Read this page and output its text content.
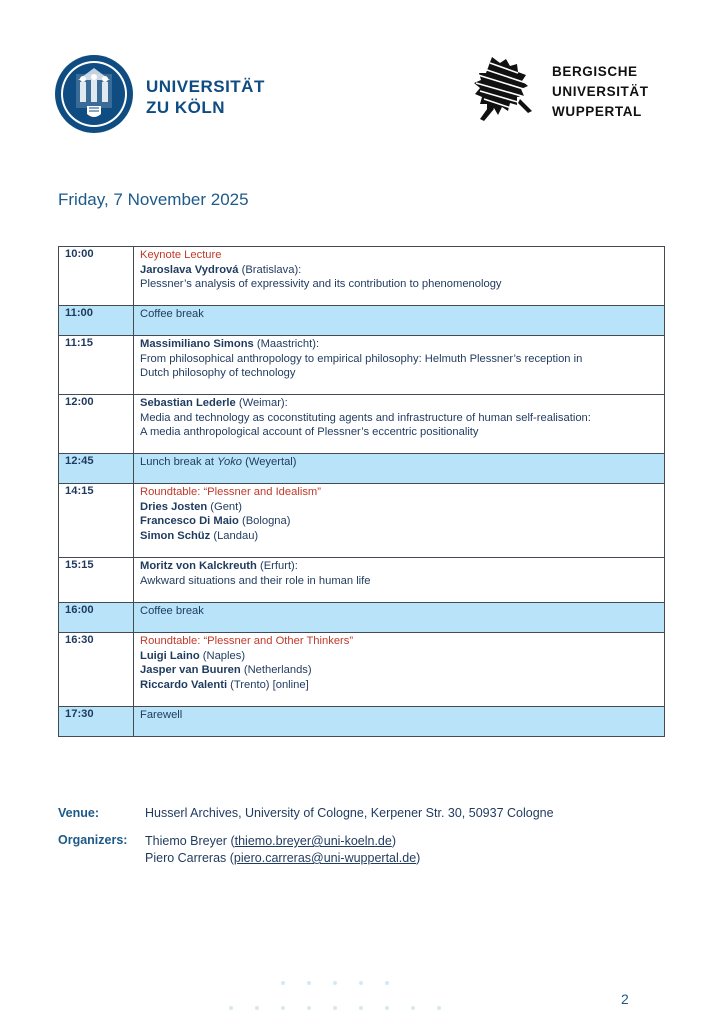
UNIVERSITÄT
ZU KÖLN
BERGISCHE
UNIVERSITÄT
WUPPERTAL
Friday, 7 November 2025
10:00	Keynote Lecture
Jaroslava Vydrová (Bratislava):
Plessner’s analysis of expressivity and its contribution to phenomenology

11:00	Coffee break
11:15	Massimiliano Simons (Maastricht):
From philosophical anthropology to empirical philosophy: Helmuth Plessner’s reception in
Dutch philosophy of technology

12:00	Sebastian Lederle (Weimar):
Media and technology as coconstituting agents and infrastructure of human self-realisation:
A media anthropological account of Plessner’s eccentric positionality

12:45	Lunch break at Yoko (Weyertal)
14:15	Roundtable: “Plessner and Idealism”
Dries Josten (Gent)
Francesco Di Maio (Bologna)
Simon Schüz (Landau)

15:15	Moritz von Kalckreuth (Erfurt):
Awkward situations and their role in human life

16:00	Coffee break
16:30	Roundtable: “Plessner and Other Thinkers”
Luigi Laino (Naples)
Jasper van Buuren (Netherlands)
Riccardo Valenti (Trento) [online]

17:30	Farewell
Venue:	Husserl Archives, University of Cologne, Kerpener Str. 30, 50937 Cologne
Organizers: Thiemo Breyer (thiemo.breyer@uni-koeln.de)
Piero Carreras (piero.carreras@uni-wuppertal.de)
2
